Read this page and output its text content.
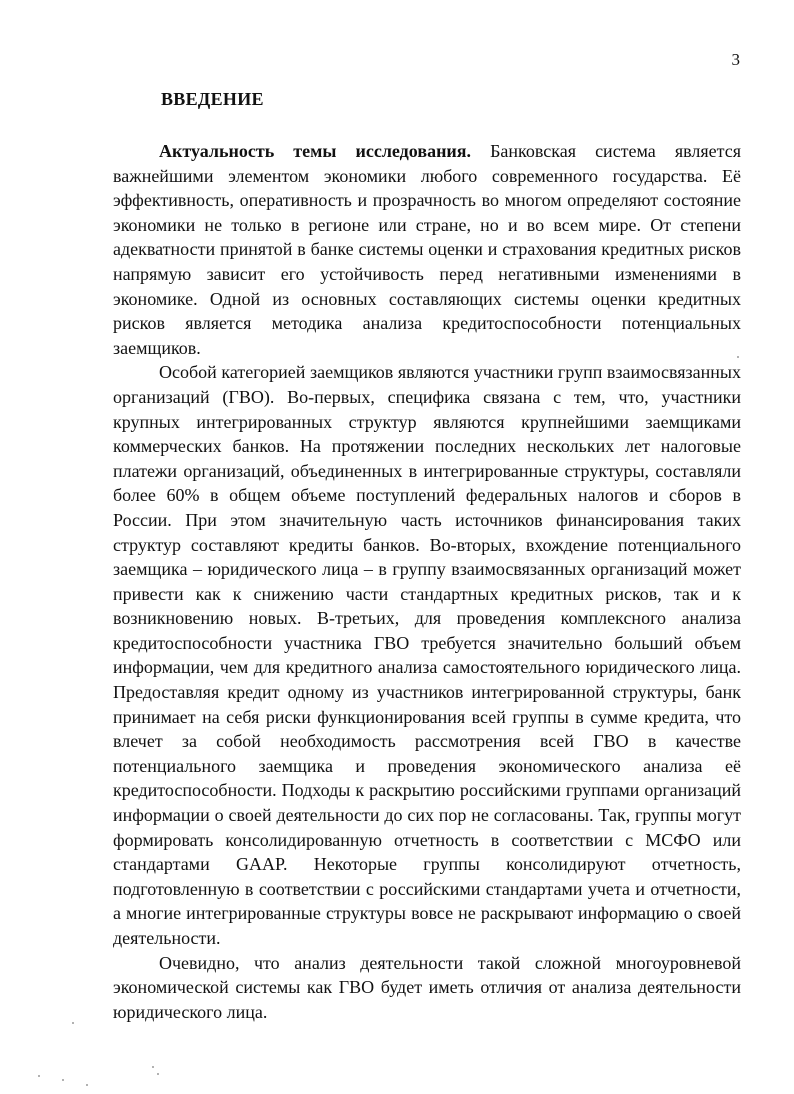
3
ВВЕДЕНИЕ

Актуальность темы исследования. Банковская система является важнейшими элементом экономики любого современного государства. Её эффективность, оперативность и прозрачность во многом определяют состояние экономики не только в регионе или стране, но и во всем мире. От степени адекватности принятой в банке системы оценки и страхования кредитных рисков напрямую зависит его устойчивость перед негативными изменениями в экономике. Одной из основных составляющих системы оценки кредитных рисков является методика анализа кредитоспособности потенциальных заемщиков.

Особой категорией заемщиков являются участники групп взаимосвязанных организаций (ГВО). Во-первых, специфика связана с тем, что, участники крупных интегрированных структур являются крупнейшими заемщиками коммерческих банков. На протяжении последних нескольких лет налоговые платежи организаций, объединенных в интегрированные структуры, составляли более 60% в общем объеме поступлений федеральных налогов и сборов в России. При этом значительную часть источников финансирования таких структур составляют кредиты банков. Во-вторых, вхождение потенциального заемщика – юридического лица – в группу взаимосвязанных организаций может привести как к снижению части стандартных кредитных рисков, так и к возникновению новых. В-третьих, для проведения комплексного анализа кредитоспособности участника ГВО требуется значительно больший объем информации, чем для кредитного анализа самостоятельного юридического лица. Предоставляя кредит одному из участников интегрированной структуры, банк принимает на себя риски функционирования всей группы в сумме кредита, что влечет за собой необходимость рассмотрения всей ГВО в качестве потенциального заемщика и проведения экономического анализа её кредитоспособности. Подходы к раскрытию российскими группами организаций информации о своей деятельности до сих пор не согласованы. Так, группы могут формировать консолидированную отчетность в соответствии с МСФО или стандартами GAAP. Некоторые группы консолидируют отчетность, подготовленную в соответствии с российскими стандартами учета и отчетности, а многие интегрированные структуры вовсе не раскрывают информацию о своей деятельности.

Очевидно, что анализ деятельности такой сложной многоуровневой экономической системы как ГВО будет иметь отличия от анализа деятельности юридического лица.
